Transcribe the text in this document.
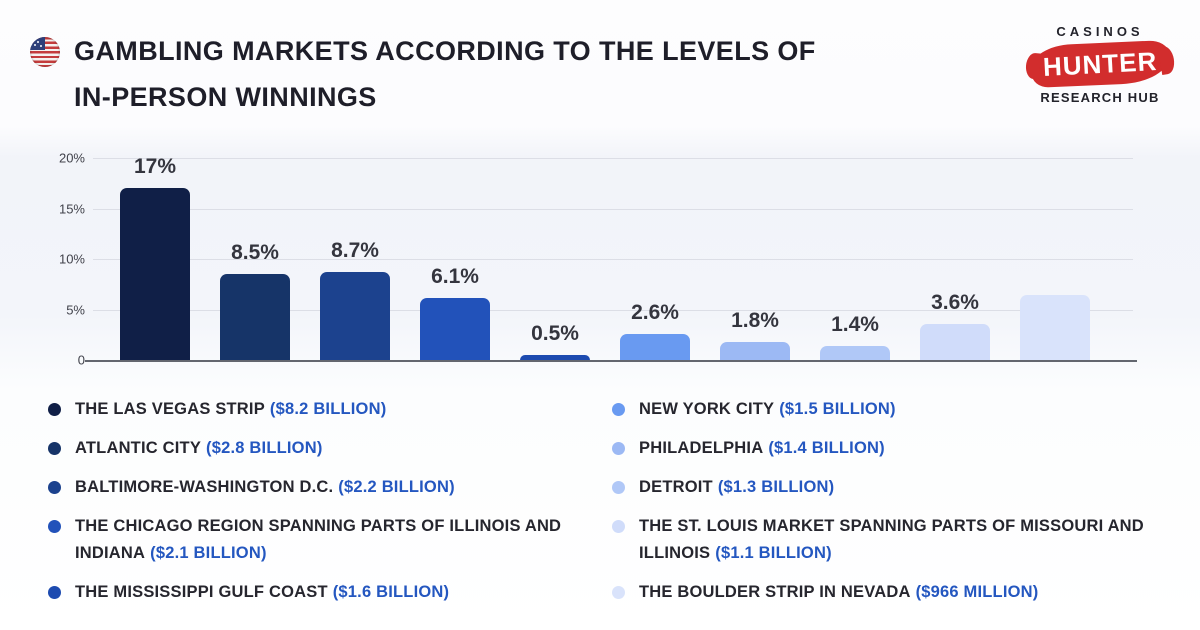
GAMBLING MARKETS ACCORDING TO THE LEVELS OF
IN-PERSON WINNINGS
CASINOS
HUNTER
RESEARCH HUB
20%
15%
10%
5%
0
17%
8.5%	8.7%
6.1%
0.5%
2.6%	1.8%	1.4%
3.6%
THE LAS VEGAS STRIP ($8.2 BILLION)
ATLANTIC CITY ($2.8 BILLION)
BALTIMORE-WASHINGTON D.C. ($2.2 BILLION)
THE CHICAGO REGION SPANNING PARTS OF ILLINOIS AND INDIANA ($2.1 BILLION)
THE MISSISSIPPI GULF COAST ($1.6 BILLION)
NEW YORK CITY ($1.5 BILLION)
PHILADELPHIA ($1.4 BILLION)
DETROIT ($1.3 BILLION)
THE ST. LOUIS MARKET SPANNING PARTS OF MISSOURI AND ILLINOIS ($1.1 BILLION)
THE BOULDER STRIP IN NEVADA ($966 MILLION)
